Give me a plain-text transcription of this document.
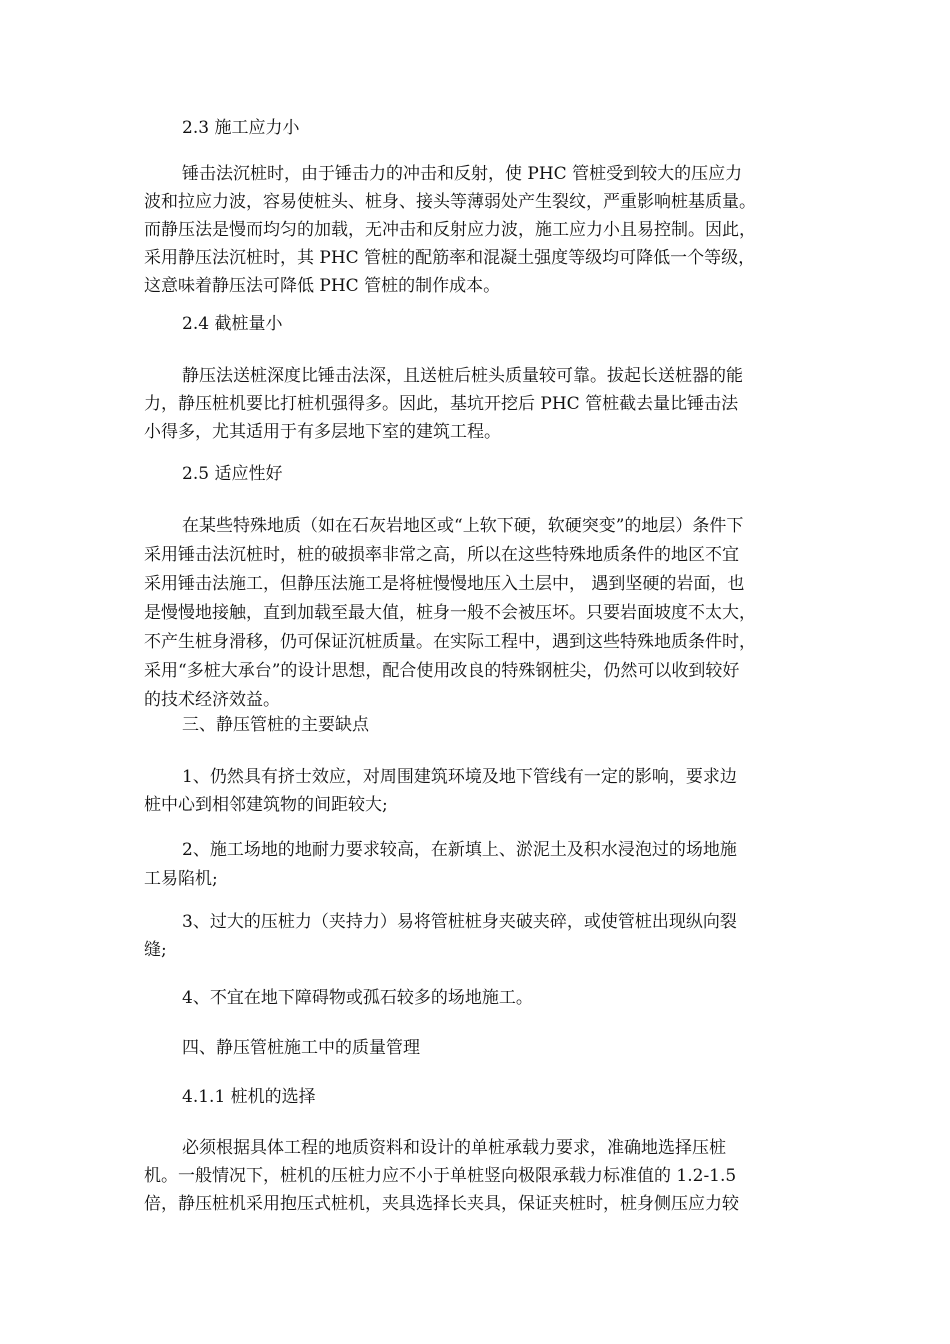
2.3 施工应力小
锤击法沉桩时，由于锤击力的冲击和反射，使 PHC 管桩受到较大的压应力
波和拉应力波，容易使桩头、桩身、接头等薄弱处产生裂纹，严重影响桩基质量。
而静压法是慢而均匀的加载，无冲击和反射应力波，施工应力小且易控制。因此，
采用静压法沉桩时，其 PHC 管桩的配筋率和混凝土强度等级均可降低一个等级，
这意味着静压法可降低 PHC 管桩的制作成本。
2.4 截桩量小
静压法送桩深度比锤击法深，且送桩后桩头质量较可靠。拔起长送桩器的能
力，静压桩机要比打桩机强得多。因此，基坑开挖后 PHC 管桩截去量比锤击法
小得多，尤其适用于有多层地下室的建筑工程。
2.5 适应性好
在某些特殊地质（如在石灰岩地区或“上软下硬，软硬突变”的地层）条件下
采用锤击法沉桩时，桩的破损率非常之高，所以在这些特殊地质条件的地区不宜
采用锤击法施工，但静压法施工是将桩慢慢地压入土层中， 遇到坚硬的岩面，也
是慢慢地接触，直到加载至最大值，桩身一般不会被压坏。只要岩面坡度不太大，
不产生桩身滑移，仍可保证沉桩质量。在实际工程中，遇到这些特殊地质条件时，
采用“多桩大承台”的设计思想，配合使用改良的特殊钢桩尖，仍然可以收到较好
的技术经济效益。
三、静压管桩的主要缺点
1、仍然具有挤士效应，对周围建筑环境及地下管线有一定的影响，要求边
桩中心到相邻建筑物的间距较大;
2、施工场地的地耐力要求较高，在新填上、淤泥土及积水浸泡过的场地施
工易陷机;
3、过大的压桩力（夹持力）易将管桩桩身夹破夹碎，或使管桩出现纵向裂
缝;
4、不宜在地下障碍物或孤石较多的场地施工。
四、静压管桩施工中的质量管理
4.1.1 桩机的选择
必须根据具体工程的地质资料和设计的单桩承载力要求，准确地选择压桩
机。一般情况下，桩机的压桩力应不小于单桩竖向极限承载力标准值的 1.2-1.5
倍，静压桩机采用抱压式桩机，夹具选择长夹具，保证夹桩时，桩身侧压应力较
